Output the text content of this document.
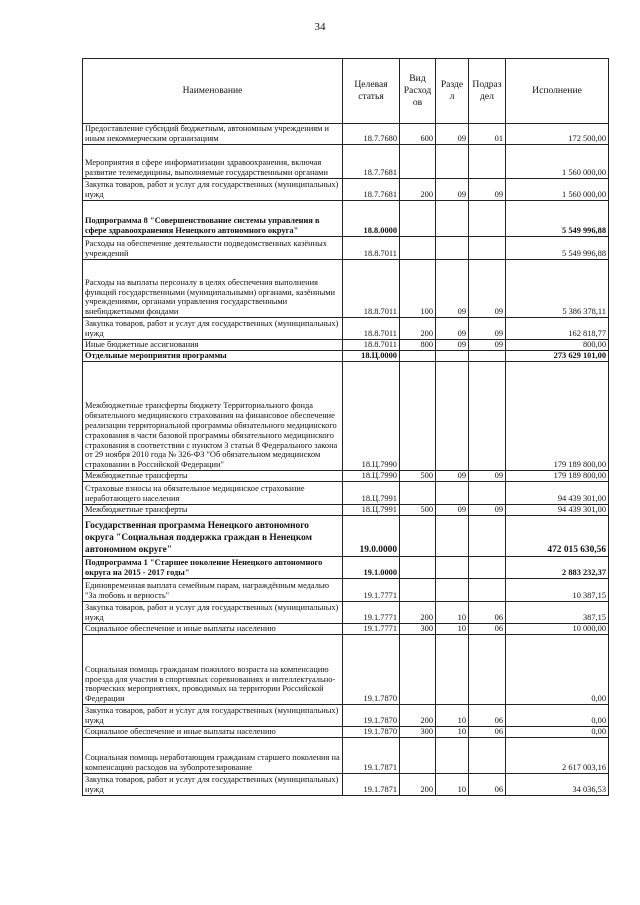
34
Наименование	Целевая статья	Вид Расход ов	Разде л	Подраз дел	Исполнение
Предоставление субсидий бюджетным, автономным учреждениям и иным некоммерческим организациям	18.7.7680	600	09	01	172 500,00
Мероприятия в сфере информатизации здравоохранения, включая развитие телемедицины, выполняемые государственными органами	18.7.7681				1 560 000,00
Закупка товаров, работ и услуг для государственных (муниципальных) нужд	18.7.7681	200	09	09	1 560 000,00
Подпрограмма 8 "Совершенствование системы управления в сфере здравоохранения Ненецкого автономного округа"	18.8.0000				5 549 996,88
Расходы на обеспечение деятельности подведомственных казённых учреждений	18.8.7011				5 549 996,88
Расходы на выплаты персоналу в целях обеспечения выполнения функций государственными (муниципальными) органами, казёнными учреждениями, органами управления государственными внебюджетными фондами	18.8.7011	100	09	09	5 386 378,11
Закупка товаров, работ и услуг для государственных (муниципальных) нужд	18.8.7011	200	09	09	162 818,77
Иные бюджетные ассигнования	18.8.7011	800	09	09	800,00
Отдельные мероприятия программы	18.Ц.0000				273 629 101,00
Межбюджетные трансферты бюджету Территориального фонда обязательного медицинского страхования на финансовое обеспечение реализации территориальной программы обязательного медицинского страхования в части базовой программы обязательного медицинского страхования в соответствии с пунктом 3 статьи 8 Федерального закона от 29 ноября 2010 года № 326-ФЗ "Об обязательном медицинском страховании в Российской Федерации"	18.Ц.7990				179 189 800,00
Межбюджетные трансферты	18.Ц.7990	500	09	09	179 189 800,00
Страховые взносы на обязательное медицинское страхование неработающего населения	18.Ц.7991				94 439 301,00
Межбюджетные трансферты	18.Ц.7991	500	09	09	94 439 301,00
Государственная программа Ненецкого автономного округа "Социальная поддержка граждан в Ненецком автономном округе"	19.0.0000				472 015 630,56
Подпрограмма 1 "Старшее поколение Ненецкого автономного округа на 2015 - 2017 годы"	19.1.0000				2 883 232,37
Единовременная выплата семейным парам, награждённым медалью "За любовь и верность"	19.1.7771				10 387,15
Закупка товаров, работ и услуг для государственных (муниципальных) нужд	19.1.7771	200	10	06	387,15
Социальное обеспечение и иные выплаты населению	19.1.7771	300	10	06	10 000,00
Социальная помощь гражданам пожилого возраста на компенсацию проезда для участия в спортивных соревнованиях и интеллектуально-творческих мероприятиях, проводимых на территории Российской Федерации	19.1.7870				0,00
Закупка товаров, работ и услуг для государственных (муниципальных) нужд	19.1.7870	200	10	06	0,00
Социальное обеспечение и иные выплаты населению	19.1.7870	300	10	06	0,00
Социальная помощь неработающим гражданам старшего поколения на компенсацию расходов на зубопротезирование	19.1.7871				2 617 003,16
Закупка товаров, работ и услуг для государственных (муниципальных) нужд	19.1.7871	200	10	06	34 036,53
